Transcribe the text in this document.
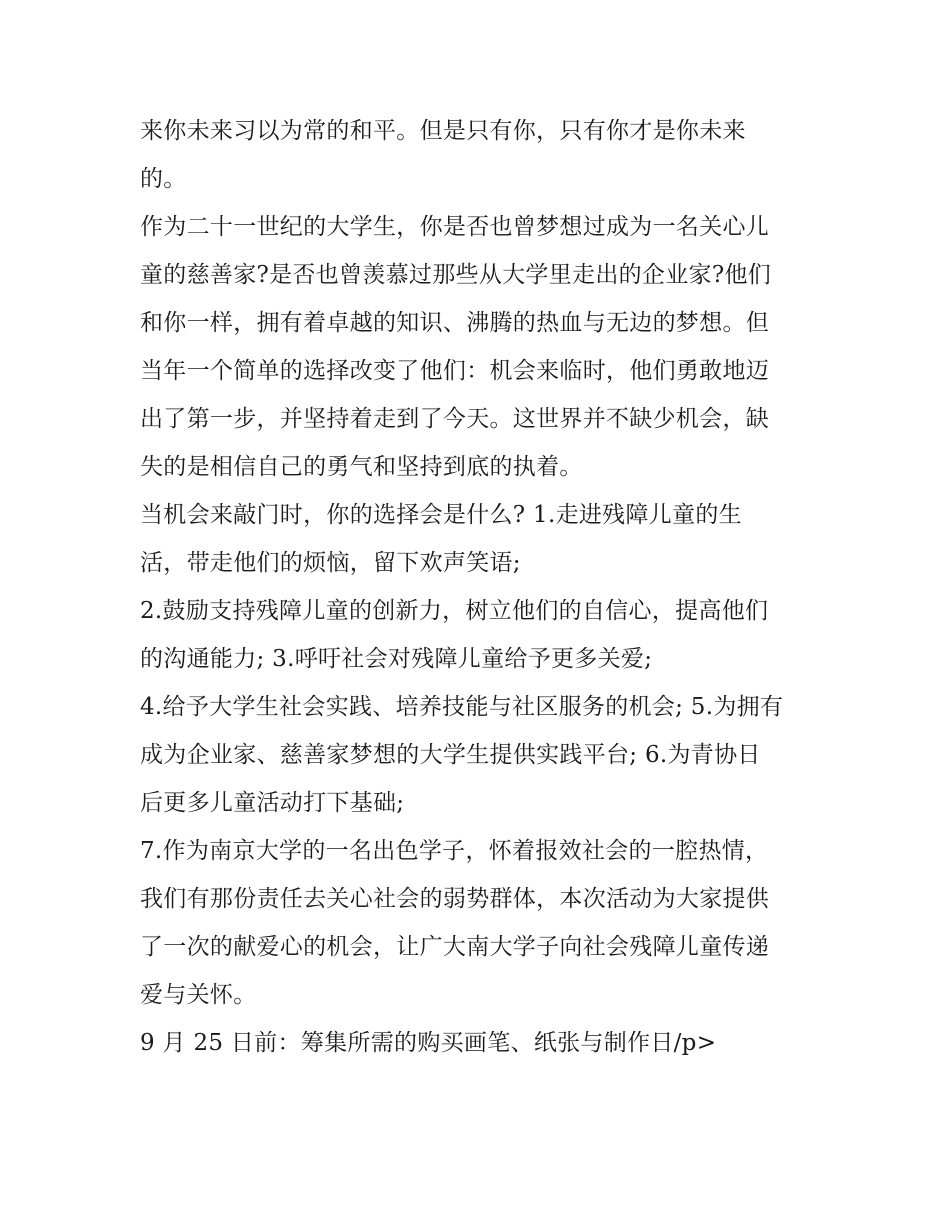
来你未来习以为常的和平。但是只有你，只有你才是你未来
的。
作为二十一世纪的大学生，你是否也曾梦想过成为一名关心儿
童的慈善家?是否也曾羡慕过那些从大学里走出的企业家?他们
和你一样，拥有着卓越的知识、沸腾的热血与无边的梦想。但
当年一个简单的选择改变了他们：机会来临时，他们勇敢地迈
出了第一步，并坚持着走到了今天。这世界并不缺少机会，缺
失的是相信自己的勇气和坚持到底的执着。
当机会来敲门时，你的选择会是什么? 1.走进残障儿童的生
活，带走他们的烦恼，留下欢声笑语;
2.鼓励支持残障儿童的创新力，树立他们的自信心，提高他们
的沟通能力; 3.呼吁社会对残障儿童给予更多关爱;
4.给予大学生社会实践、培养技能与社区服务的机会; 5.为拥有
成为企业家、慈善家梦想的大学生提供实践平台; 6.为青协日
后更多儿童活动打下基础;
7.作为南京大学的一名出色学子，怀着报效社会的一腔热情，
我们有那份责任去关心社会的弱势群体，本次活动为大家提供
了一次的献爱心的机会，让广大南大学子向社会残障儿童传递
爱与关怀。
9 月 25 日前：筹集所需的购买画笔、纸张与制作日/p>
